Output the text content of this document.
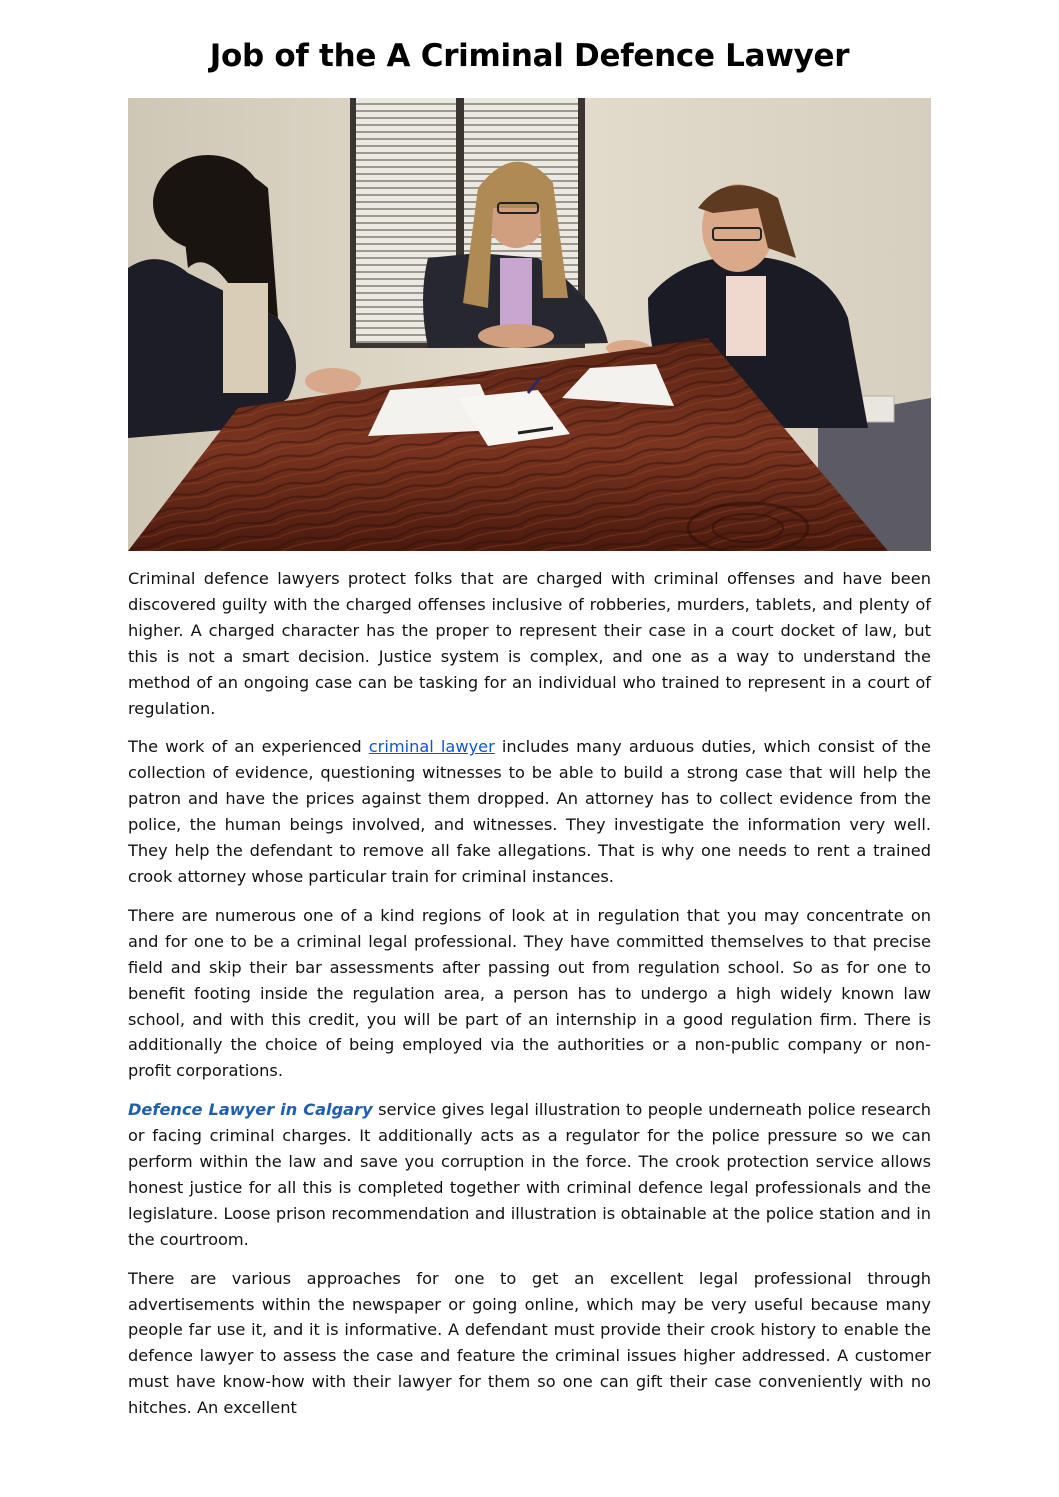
Job of the A Criminal Defence Lawyer

Criminal defence lawyers protect folks that are charged with criminal offenses and have been discovered guilty with the charged offenses inclusive of robberies, murders, tablets, and plenty of higher. A charged character has the proper to represent their case in a court docket of law, but this is not a smart decision. Justice system is complex, and one as a way to understand the method of an ongoing case can be tasking for an individual who trained to represent in a court of regulation.

The work of an experienced criminal lawyer includes many arduous duties, which consist of the collection of evidence, questioning witnesses to be able to build a strong case that will help the patron and have the prices against them dropped. An attorney has to collect evidence from the police, the human beings involved, and witnesses. They investigate the information very well. They help the defendant to remove all fake allegations. That is why one needs to rent a trained crook attorney whose particular train for criminal instances.

There are numerous one of a kind regions of look at in regulation that you may concentrate on and for one to be a criminal legal professional. They have committed themselves to that precise field and skip their bar assessments after passing out from regulation school. So as for one to benefit footing inside the regulation area, a person has to undergo a high widely known law school, and with this credit, you will be part of an internship in a good regulation firm. There is additionally the choice of being employed via the authorities or a non-public company or non-profit corporations.

Defence Lawyer in Calgary service gives legal illustration to people underneath police research or facing criminal charges. It additionally acts as a regulator for the police pressure so we can perform within the law and save you corruption in the force. The crook protection service allows honest justice for all this is completed together with criminal defence legal professionals and the legislature. Loose prison recommendation and illustration is obtainable at the police station and in the courtroom.

There are various approaches for one to get an excellent legal professional through advertisements within the newspaper or going online, which may be very useful because many people far use it, and it is informative. A defendant must provide their crook history to enable the defence lawyer to assess the case and feature the criminal issues higher addressed. A customer must have know-how with their lawyer for them so one can gift their case conveniently with no hitches. An excellent
